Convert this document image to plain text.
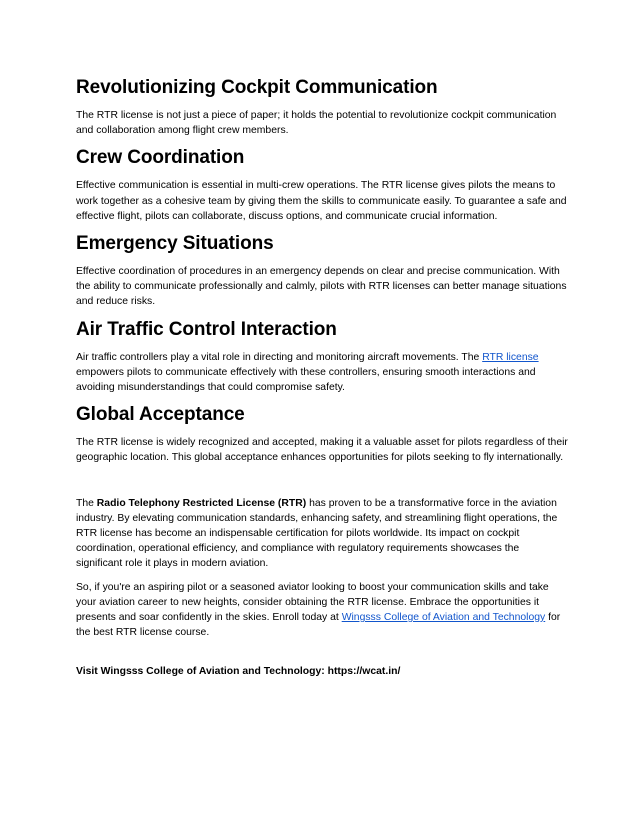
Revolutionizing Cockpit Communication

The RTR license is not just a piece of paper; it holds the potential to revolutionize cockpit communication and collaboration among flight crew members.

Crew Coordination

Effective communication is essential in multi-crew operations. The RTR license gives pilots the means to work together as a cohesive team by giving them the skills to communicate easily. To guarantee a safe and effective flight, pilots can collaborate, discuss options, and communicate crucial information.

Emergency Situations

Effective coordination of procedures in an emergency depends on clear and precise communication. With the ability to communicate professionally and calmly, pilots with RTR licenses can better manage situations and reduce risks.

Air Traffic Control Interaction

Air traffic controllers play a vital role in directing and monitoring aircraft movements. The RTR license empowers pilots to communicate effectively with these controllers, ensuring smooth interactions and avoiding misunderstandings that could compromise safety.

Global Acceptance

The RTR license is widely recognized and accepted, making it a valuable asset for pilots regardless of their geographic location. This global acceptance enhances opportunities for pilots seeking to fly internationally.

The Radio Telephony Restricted License (RTR) has proven to be a transformative force in the aviation industry. By elevating communication standards, enhancing safety, and streamlining flight operations, the RTR license has become an indispensable certification for pilots worldwide. Its impact on cockpit coordination, operational efficiency, and compliance with regulatory requirements showcases the significant role it plays in modern aviation.

So, if you're an aspiring pilot or a seasoned aviator looking to boost your communication skills and take your aviation career to new heights, consider obtaining the RTR license. Embrace the opportunities it presents and soar confidently in the skies. Enroll today at Wingsss College of Aviation and Technology for the best RTR license course.

Visit Wingsss College of Aviation and Technology: https://wcat.in/
